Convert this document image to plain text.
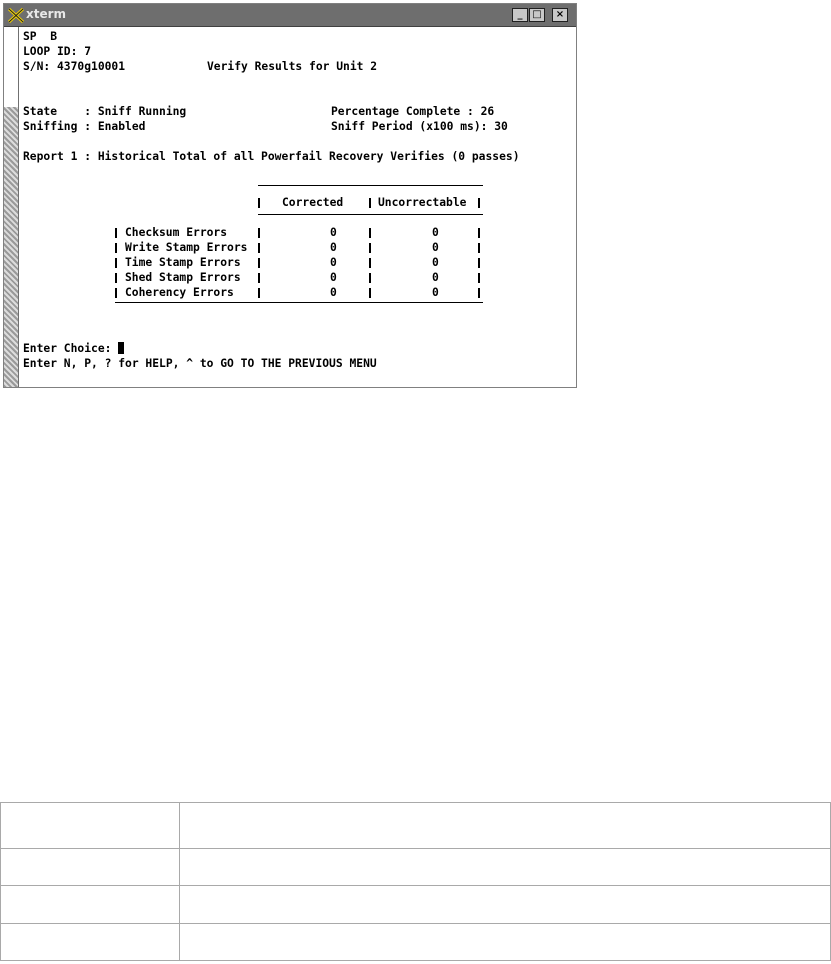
xterm	_ □	×
SP  B
LOOP ID: 7
S/N: 4370g10001	Verify Results for Unit 2
State    : Sniff Running
Sniffing : Enabled
Percentage Complete : 26
Sniff Period (x100 ms): 30
Report 1 : Historical Total of all Powerfail Recovery Verifies (0 passes)
Corrected	Uncorrectable
Checksum Errors	0	0
Write Stamp Errors	0	0
Time Stamp Errors	0	0
Shed Stamp Errors	0	0
Coherency Errors	0	0
Enter Choice:
Enter N, P, ? for HELP, ^ to GO TO THE PREVIOUS MENU
